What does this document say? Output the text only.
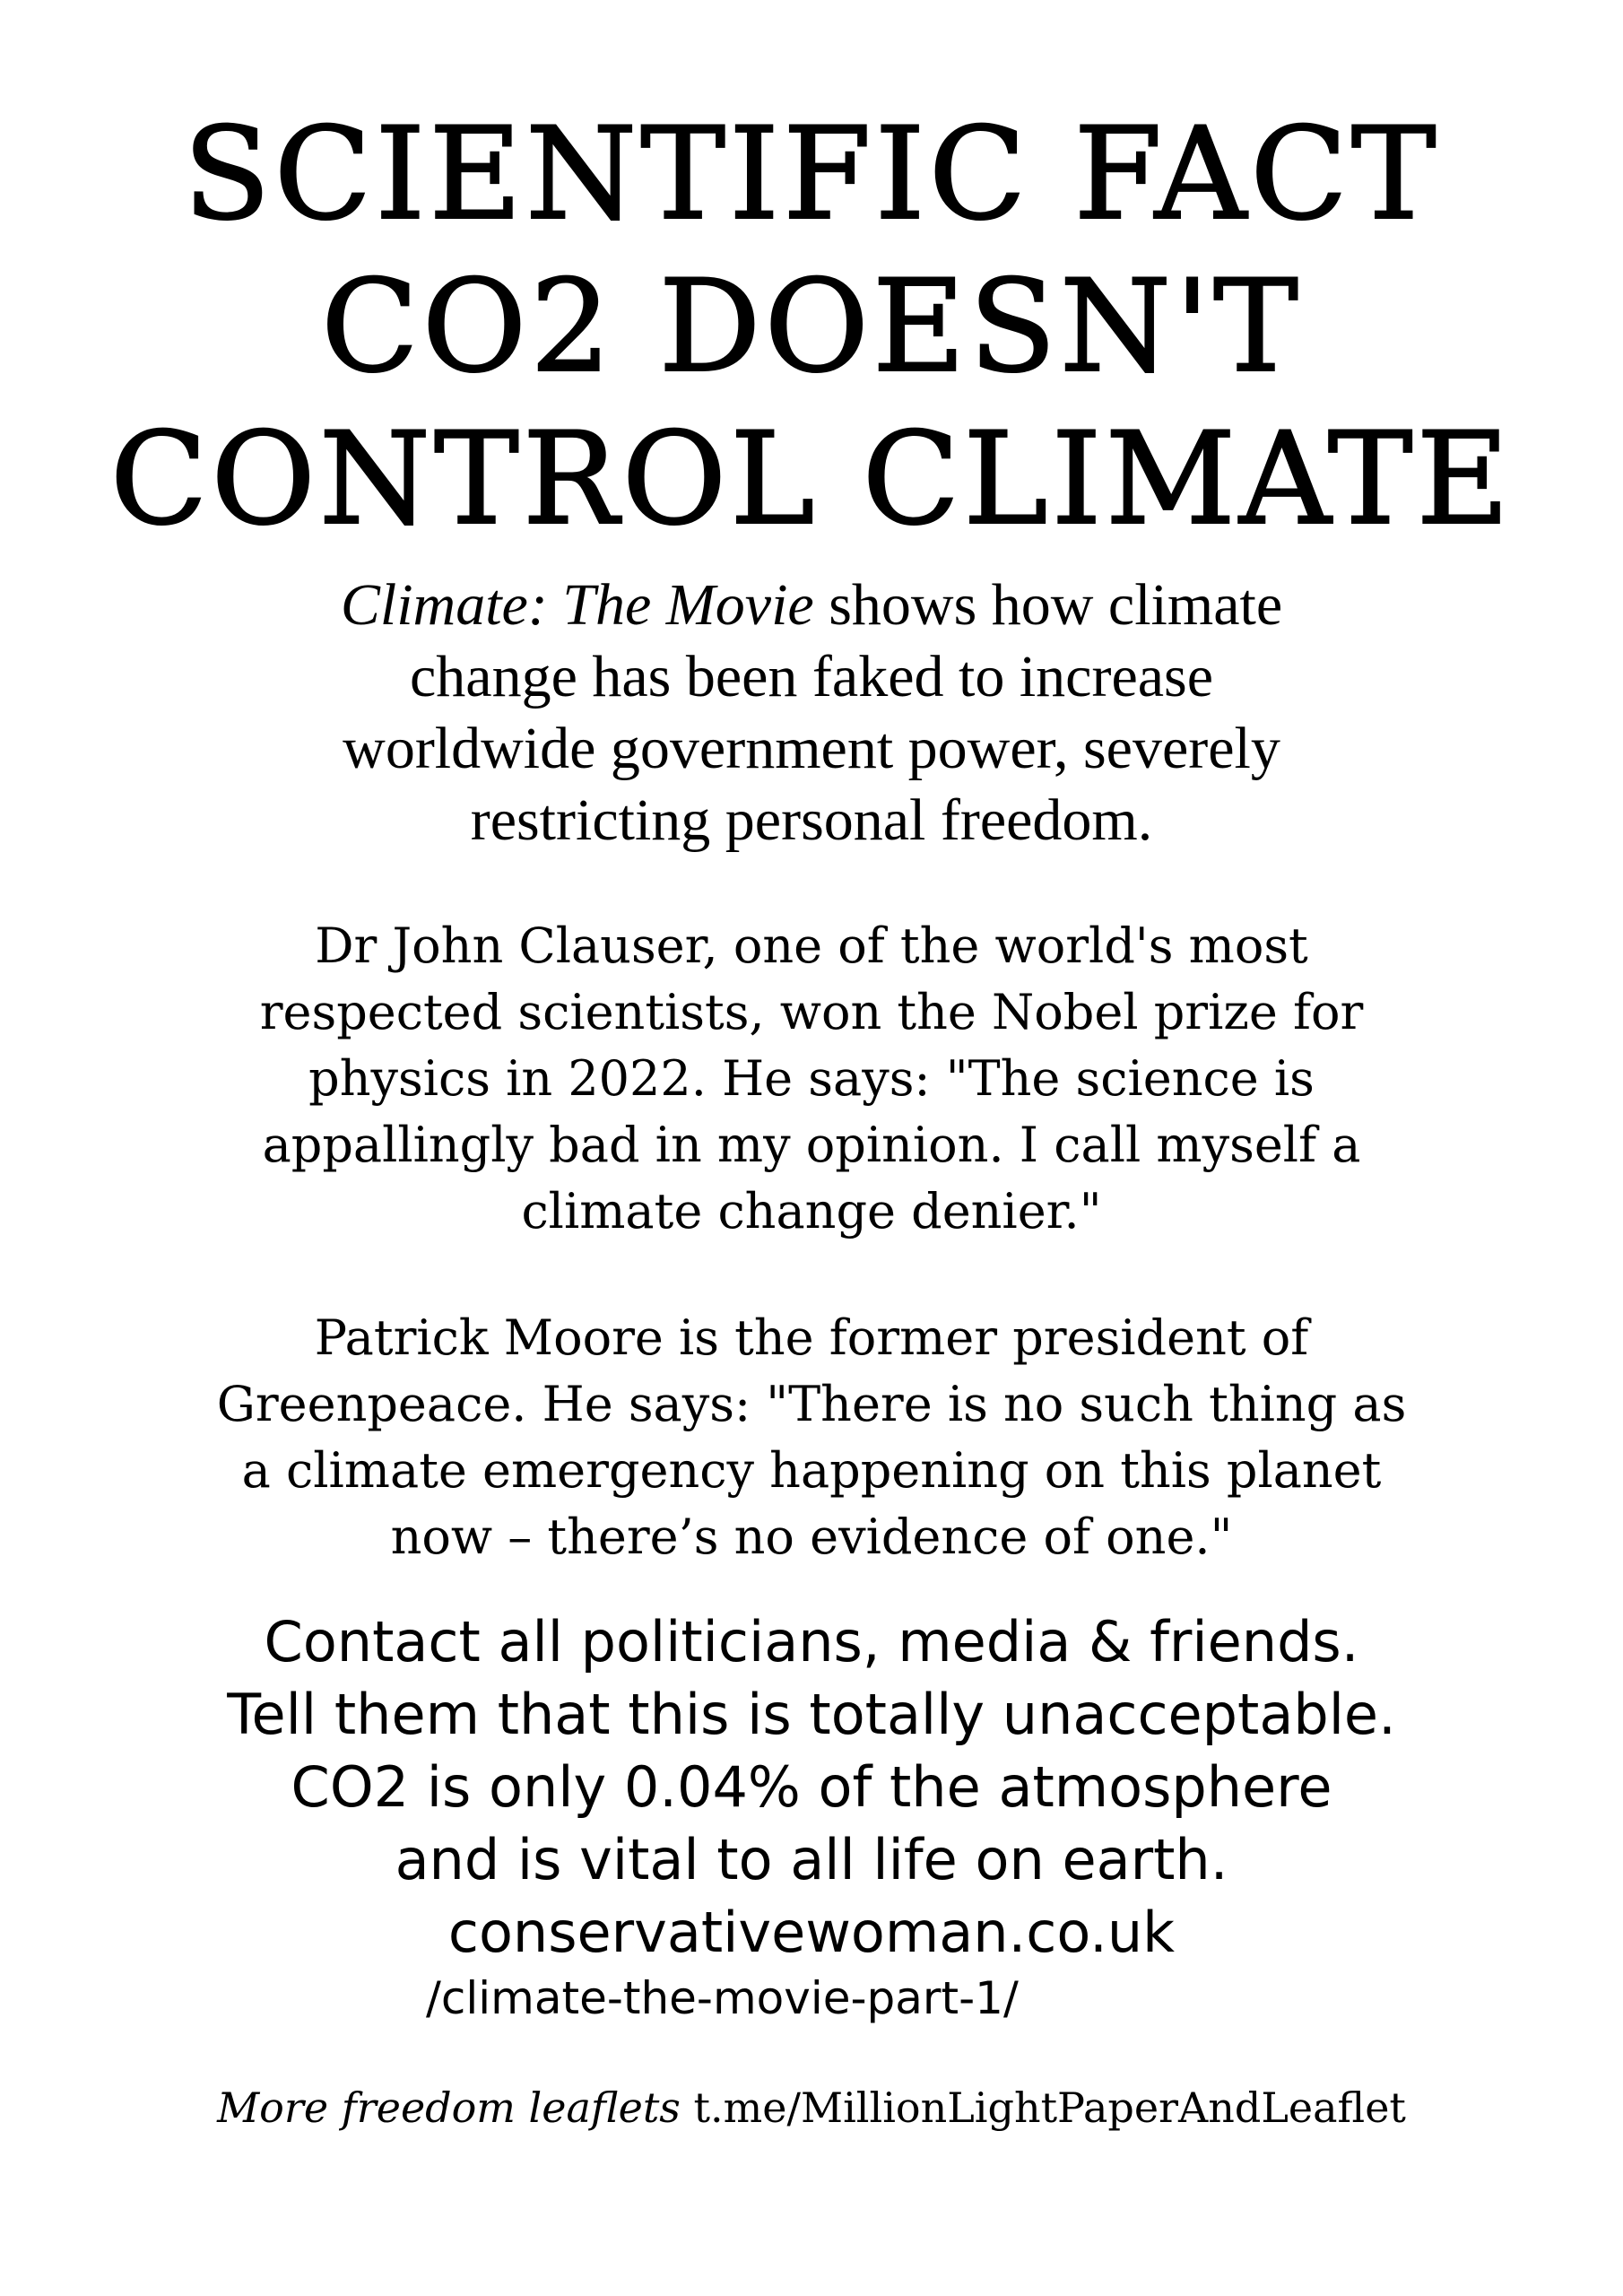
SCIENTIFIC FACT
CO2 DOESN'T
CONTROL CLIMATE

Climate: The Movie shows how climate
change has been faked to increase
worldwide government power, severely
restricting personal freedom.

Dr John Clauser, one of the world's most
respected scientists, won the Nobel prize for
physics in 2022. He says: "The science is
appallingly bad in my opinion. I call myself a
climate change denier."

Patrick Moore is the former president of
Greenpeace. He says: "There is no such thing as
a climate emergency happening on this planet
now – there’s no evidence of one."

Contact all politicians, media & friends.
Tell them that this is totally unacceptable.
CO2 is only 0.04% of the atmosphere
and is vital to all life on earth.
conservativewoman.co.uk
/climate-the-movie-part-1/

More freedom leaflets t.me/MillionLightPaperAndLeaflet
